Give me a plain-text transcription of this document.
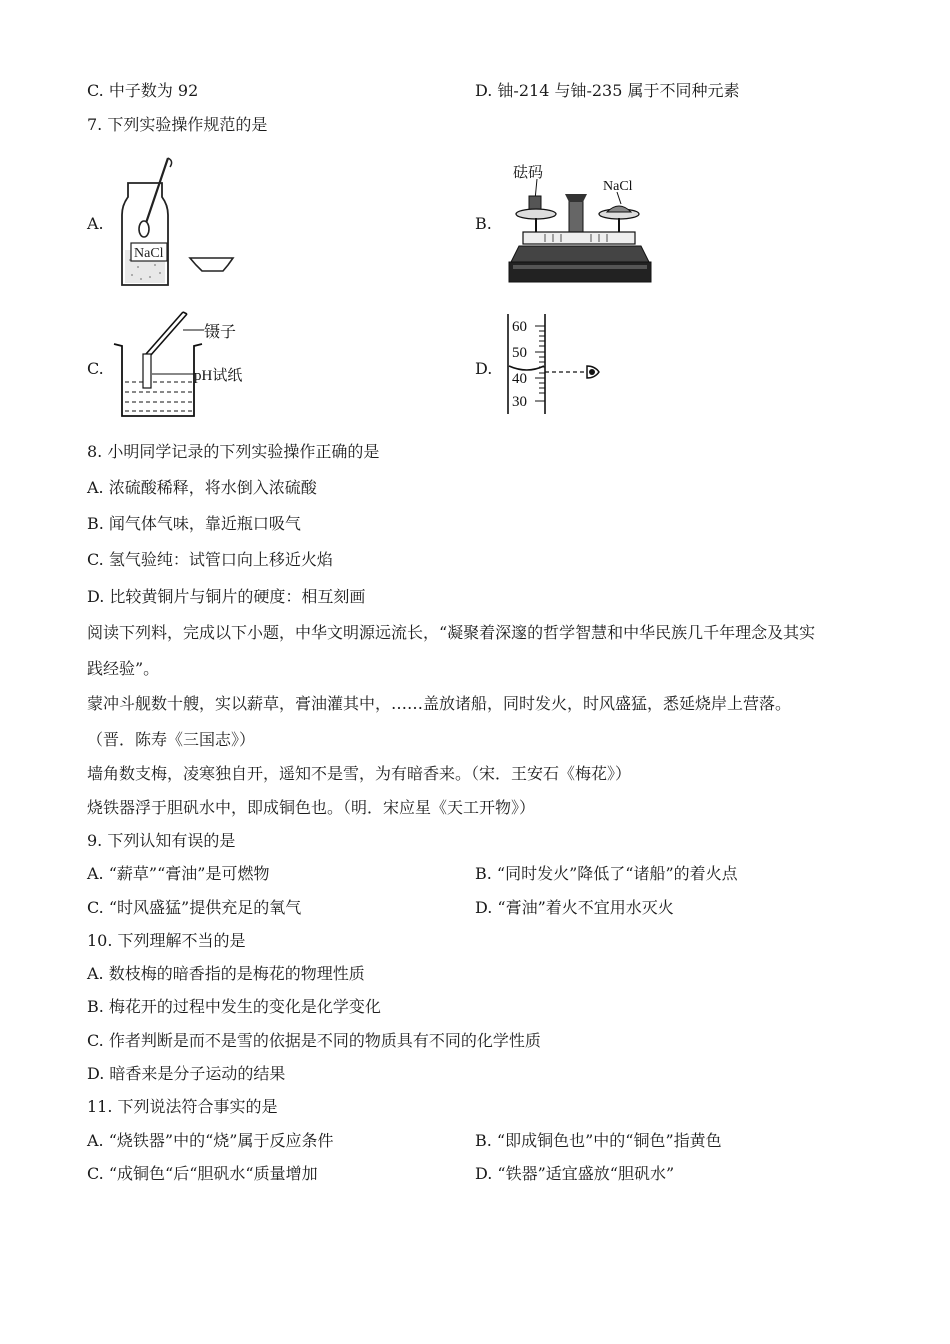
C. 中子数为 92	D. 铀-214 与铀-235 属于不同种元素
7. 下列实验操作规范的是
A.
NaCl
B.
砝码
NaCl
C.
镊子
pH试纸	D.
60
50
40
30
8. 小明同学记录的下列实验操作正确的是
A. 浓硫酸稀释，将水倒入浓硫酸
B. 闻气体气味，靠近瓶口吸气
C. 氢气验纯：试管口向上移近火焰
D. 比较黄铜片与铜片的硬度：相互刻画
阅读下列料，完成以下小题，中华文明源远流长，“凝聚着深邃的哲学智慧和中华民族几千年理念及其实
践经验”。
蒙冲斗舰数十艘，实以薪草，膏油灌其中，……盖放诸船，同时发火，时风盛猛，悉延烧岸上营落。
（晋．陈寿《三国志》）
墙角数支梅，凌寒独自开，遥知不是雪，为有暗香来。（宋．王安石《梅花》）
烧铁器浮于胆矾水中，即成铜色也。（明．宋应星《天工开物》）
9. 下列认知有误的是
A. “薪草”“膏油”是可燃物	B. “同时发火”降低了“诸船”的着火点
C. “时风盛猛”提供充足的氧气	D. “膏油”着火不宜用水灭火
10. 下列理解不当的是
A. 数枝梅的暗香指的是梅花的物理性质
B. 梅花开的过程中发生的变化是化学变化
C. 作者判断是而不是雪的依据是不同的物质具有不同的化学性质
D. 暗香来是分子运动的结果
11. 下列说法符合事实的是
A. “烧铁器”中的“烧”属于反应条件	B. “即成铜色也”中的“铜色”指黄色
C. “成铜色“后“胆矾水“质量增加	D. “铁器”适宜盛放“胆矾水”
